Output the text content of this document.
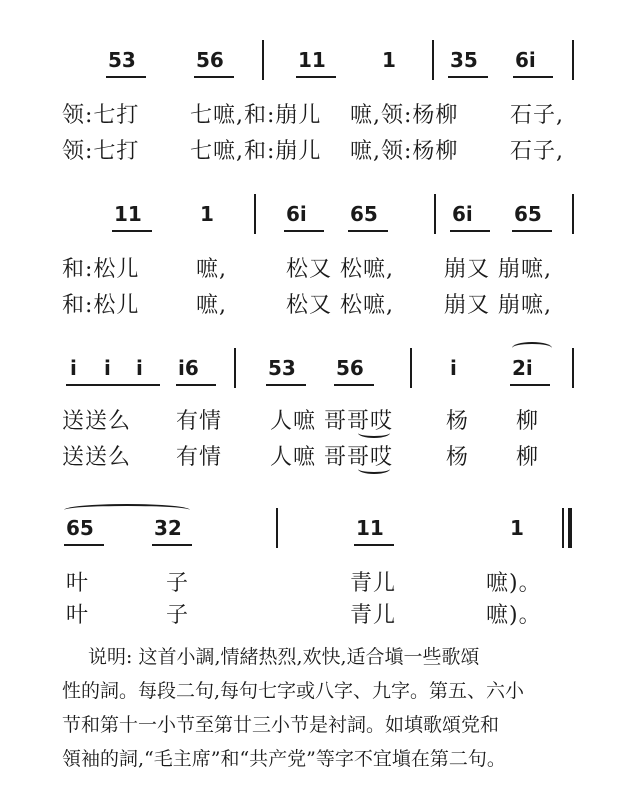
53	56	11	1	35 6i
领:七打 七嗻,和:崩儿 嗻,领:杨柳 石子,
领:七打 七嗻,和:崩儿 嗻,领:杨柳 石子,
11	1	6i 65	6i 65
和:松儿	嗻,	松又 松嗻, 崩又 崩嗻,
和:松儿	嗻,	松又 松嗻, 崩又 崩嗻,
i i i i6	53 56	i	2i
送送么 有情 人嗻 哥哥哎 杨 柳
送送么 有情 人嗻 哥哥哎 杨 柳
65	32	11	1
叶	子	青儿	嗻)。
叶	子	青儿	嗻)。

说明: 这首小調,情緒热烈,欢快,适合塡一些歌頌

性的詞。每段二句,每句七字或八字、九字。第五、六小

节和第十一小节至第廿三小节是衬詞。如填歌頌党和

領袖的詞,“毛主席”和“共产党”等字不宜塡在第二句。
